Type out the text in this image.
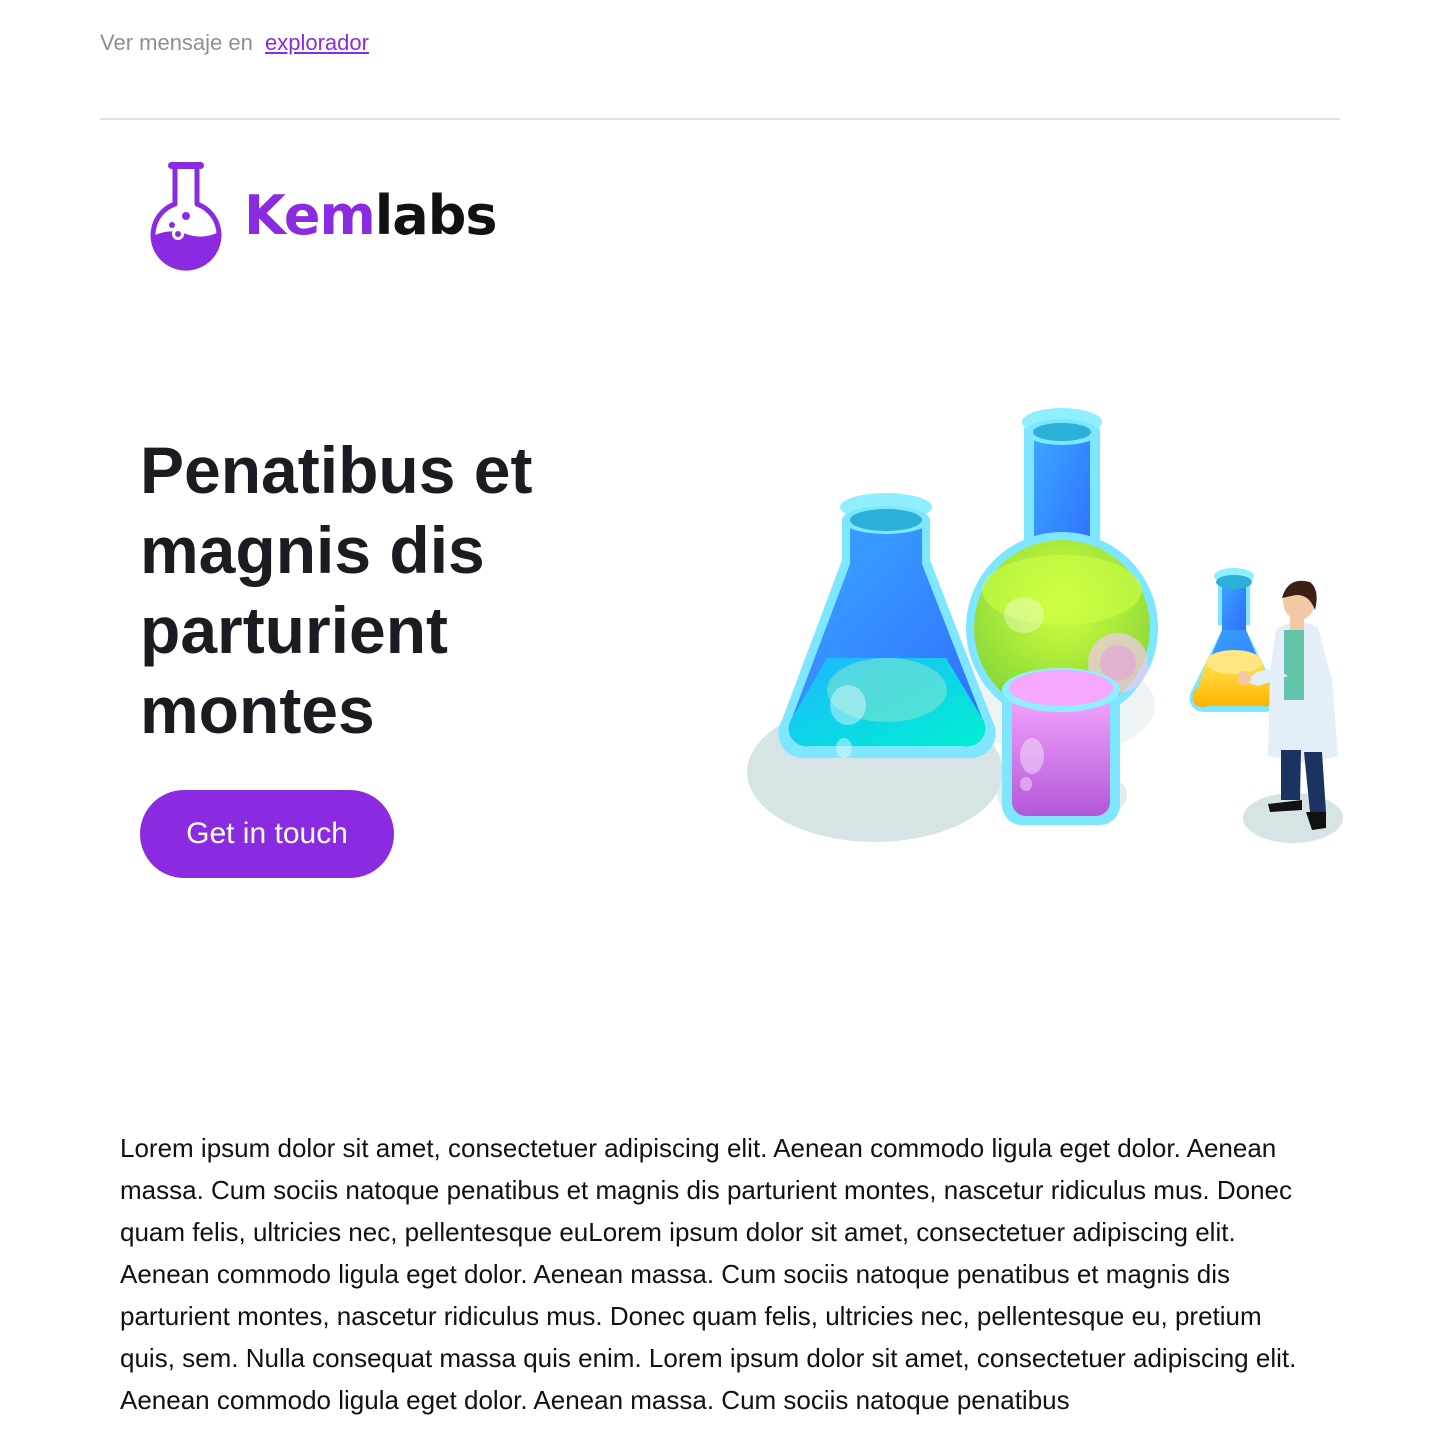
Ver mensaje en explorador
Kemlabs
Penatibus et magnis dis parturient montes
Get in touch

Lorem ipsum dolor sit amet, consectetuer adipiscing elit. Aenean commodo ligula eget dolor. Aenean massa. Cum sociis natoque penatibus et magnis dis parturient montes, nascetur ridiculus mus. Donec quam felis, ultricies nec, pellentesque euLorem ipsum dolor sit amet, consectetuer adipiscing elit. Aenean commodo ligula eget dolor. Aenean massa. Cum sociis natoque penatibus et magnis dis parturient montes, nascetur ridiculus mus. Donec quam felis, ultricies nec, pellentesque eu, pretium quis, sem. Nulla consequat massa quis enim. Lorem ipsum dolor sit amet, consectetuer adipiscing elit. Aenean commodo ligula eget dolor. Aenean massa. Cum sociis natoque penatibus
